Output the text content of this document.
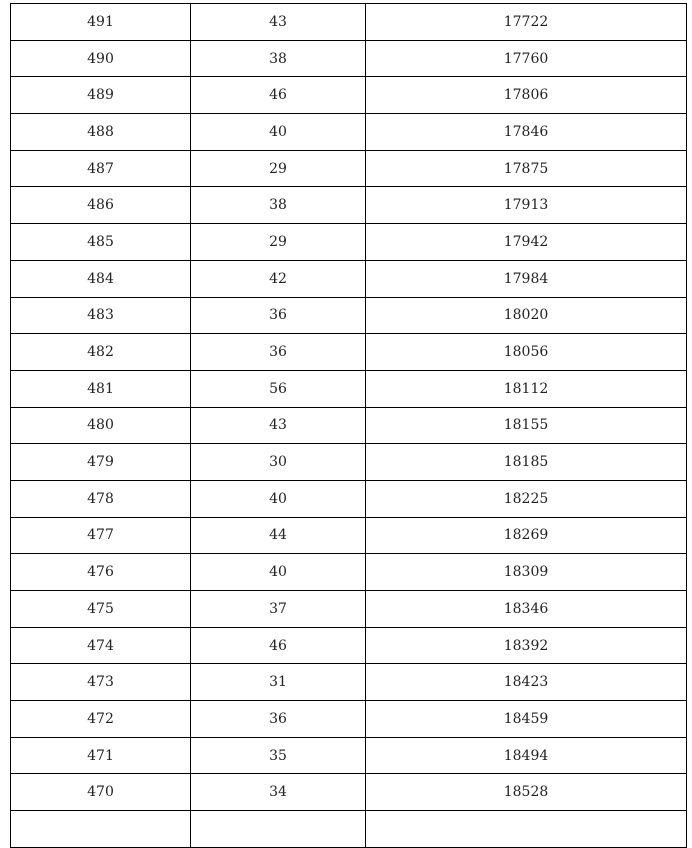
491	43	17722
490	38	17760
489	46	17806
488	40	17846
487	29	17875
486	38	17913
485	29	17942
484	42	17984
483	36	18020
482	36	18056
481	56	18112
480	43	18155
479	30	18185
478	40	18225
477	44	18269
476	40	18309
475	37	18346
474	46	18392
473	31	18423
472	36	18459
471	35	18494
470	34	18528
